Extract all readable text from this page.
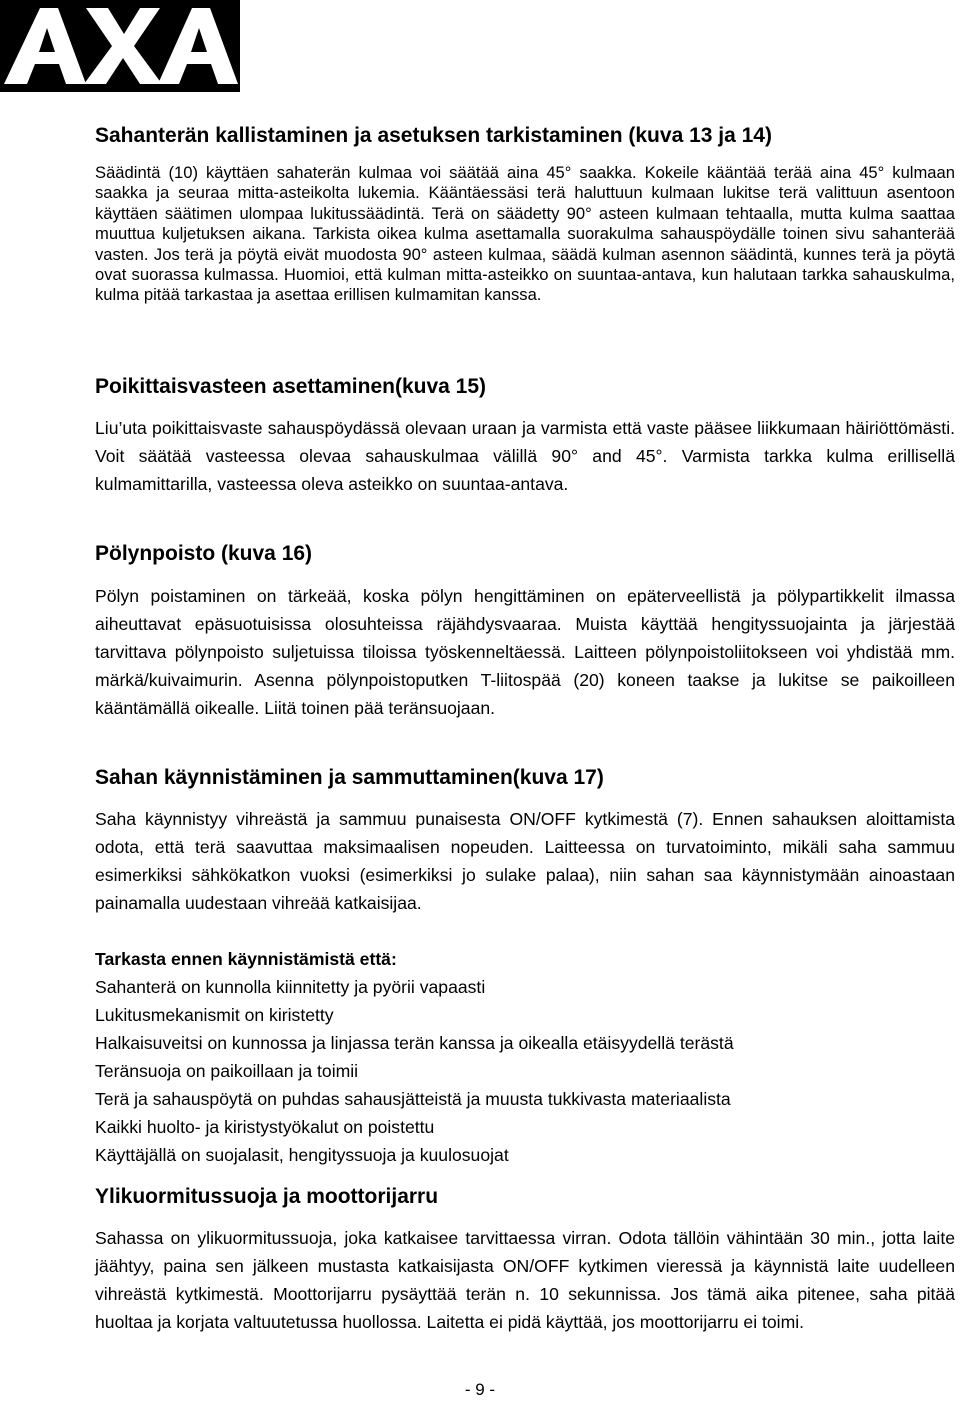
Sahanterän kallistaminen ja asetuksen tarkistaminen (kuva 13 ja 14)

Säädintä (10) käyttäen sahaterän kulmaa voi säätää aina 45° saakka. Kokeile kääntää terää aina 45° kulmaan saakka ja seuraa mitta-asteikolta lukemia. Kääntäessäsi terä haluttuun kulmaan lukitse terä valittuun asentoon käyttäen säätimen ulompaa lukitussäädintä. Terä on säädetty 90° asteen kulmaan tehtaalla, mutta kulma saattaa muuttua kuljetuksen aikana. Tarkista oikea kulma asettamalla suorakulma sahauspöydälle toinen sivu sahanterää vasten. Jos terä ja pöytä eivät muodosta 90° asteen kulmaa, säädä kulman asennon säädintä, kunnes terä ja pöytä ovat suorassa kulmassa. Huomioi, että kulman mitta-asteikko on suuntaa-antava, kun halutaan tarkka sahauskulma, kulma pitää tarkastaa ja asettaa erillisen kulmamitan kanssa.

Poikittaisvasteen asettaminen(kuva 15)

Liu’uta poikittaisvaste sahauspöydässä olevaan uraan ja varmista että vaste pääsee liikkumaan häiriöttömästi. Voit säätää vasteessa olevaa sahauskulmaa välillä 90° and 45°. Varmista tarkka kulma erillisellä kulmamittarilla, vasteessa oleva asteikko on suuntaa-antava.

Pölynpoisto (kuva 16)

Pölyn poistaminen on tärkeää, koska pölyn hengittäminen on epäterveellistä ja pölypartikkelit ilmassa aiheuttavat epäsuotuisissa olosuhteissa räjähdysvaaraa. Muista käyttää hengityssuojainta ja järjestää tarvittava pölynpoisto suljetuissa tiloissa työskenneltäessä. Laitteen pölynpoistoliitokseen voi yhdistää mm. märkä/kuivaimurin. Asenna pölynpoistoputken T-liitospää (20) koneen taakse ja lukitse se paikoilleen kääntämällä oikealle. Liitä toinen pää teränsuojaan.

Sahan käynnistäminen ja sammuttaminen(kuva 17)

Saha käynnistyy vihreästä ja sammuu punaisesta ON/OFF kytkimestä (7). Ennen sahauksen aloittamista odota, että terä saavuttaa maksimaalisen nopeuden. Laitteessa on turvatoiminto, mikäli saha sammuu esimerkiksi sähkökatkon vuoksi (esimerkiksi jo sulake palaa), niin sahan saa käynnistymään ainoastaan painamalla uudestaan vihreää katkaisijaa.

Tarkasta ennen käynnistämistä että:
Sahanterä on kunnolla kiinnitetty ja pyörii vapaasti
Lukitusmekanismit on kiristetty
Halkaisuveitsi on kunnossa ja linjassa terän kanssa ja oikealla etäisyydellä terästä
Teränsuoja on paikoillaan ja toimii
Terä ja sahauspöytä on puhdas sahausjätteistä ja muusta tukkivasta materiaalista
Kaikki huolto- ja kiristystyökalut on poistettu
Käyttäjällä on suojalasit, hengityssuoja ja kuulosuojat
Ylikuormitussuoja ja moottorijarru

Sahassa on ylikuormitussuoja, joka katkaisee tarvittaessa virran. Odota tällöin vähintään 30 min., jotta laite jäähtyy, paina sen jälkeen mustasta katkaisijasta ON/OFF kytkimen vieressä ja käynnistä laite uudelleen vihreästä kytkimestä. Moottorijarru pysäyttää terän n. 10 sekunnissa. Jos tämä aika pitenee, saha pitää huoltaa ja korjata valtuutetussa huollossa. Laitetta ei pidä käyttää, jos moottorijarru ei toimi.

- 9 -
